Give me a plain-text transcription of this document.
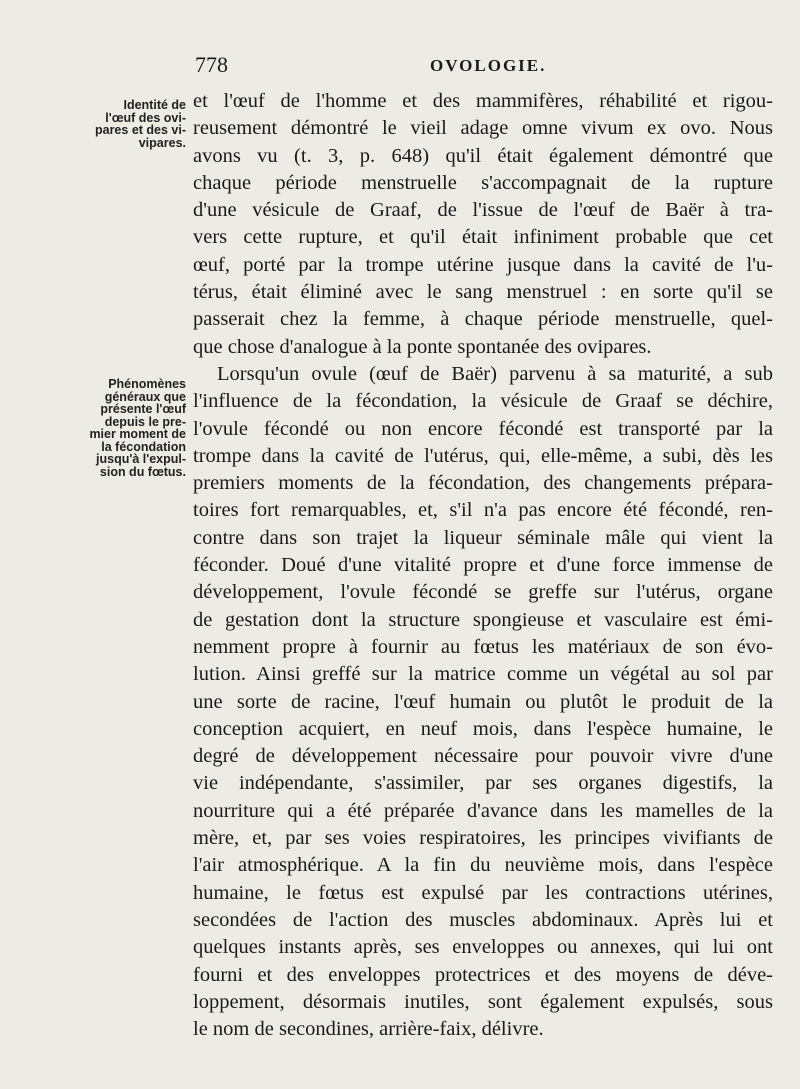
778	OVOLOGIE.
Identité de
l'œuf des ovi-
pares et des vi-
vipares.
Phénomènes
généraux que
présente l'œuf
depuis le pre-
mier moment de
la fécondation
jusqu'à l'expul-
sion du fœtus.
et l'œuf de l'homme et des mammifères, réhabilité et rigou-
reusement démontré le vieil adage omne vivum ex ovo. Nous
avons vu (t. 3, p. 648) qu'il était également démontré que
chaque période menstruelle s'accompagnait de la rupture
d'une vésicule de Graaf, de l'issue de l'œuf de Baër à tra-
vers cette rupture, et qu'il était infiniment probable que cet
œuf, porté par la trompe utérine jusque dans la cavité de l'u-
térus, était éliminé avec le sang menstruel : en sorte qu'il se
passerait chez la femme, à chaque période menstruelle, quel-
que chose d'analogue à la ponte spontanée des ovipares.
Lorsqu'un ovule (œuf de Baër) parvenu à sa maturité, a sub
l'influence de la fécondation, la vésicule de Graaf se déchire,
l'ovule fécondé ou non encore fécondé est transporté par la
trompe dans la cavité de l'utérus, qui, elle-même, a subi, dès les
premiers moments de la fécondation, des changements prépara-
toires fort remarquables, et, s'il n'a pas encore été fécondé, ren-
contre dans son trajet la liqueur séminale mâle qui vient la
féconder. Doué d'une vitalité propre et d'une force immense de
développement, l'ovule fécondé se greffe sur l'utérus, organe
de gestation dont la structure spongieuse et vasculaire est émi-
nemment propre à fournir au fœtus les matériaux de son évo-
lution. Ainsi greffé sur la matrice comme un végétal au sol par
une sorte de racine, l'œuf humain ou plutôt le produit de la
conception acquiert, en neuf mois, dans l'espèce humaine, le
degré de développement nécessaire pour pouvoir vivre d'une
vie indépendante, s'assimiler, par ses organes digestifs, la
nourriture qui a été préparée d'avance dans les mamelles de la
mère, et, par ses voies respiratoires, les principes vivifiants de
l'air atmosphérique. A la fin du neuvième mois, dans l'espèce
humaine, le fœtus est expulsé par les contractions utérines,
secondées de l'action des muscles abdominaux. Après lui et
quelques instants après, ses enveloppes ou annexes, qui lui ont
fourni et des enveloppes protectrices et des moyens de déve-
loppement, désormais inutiles, sont également expulsés, sous
le nom de secondines, arrière-faix, délivre.
